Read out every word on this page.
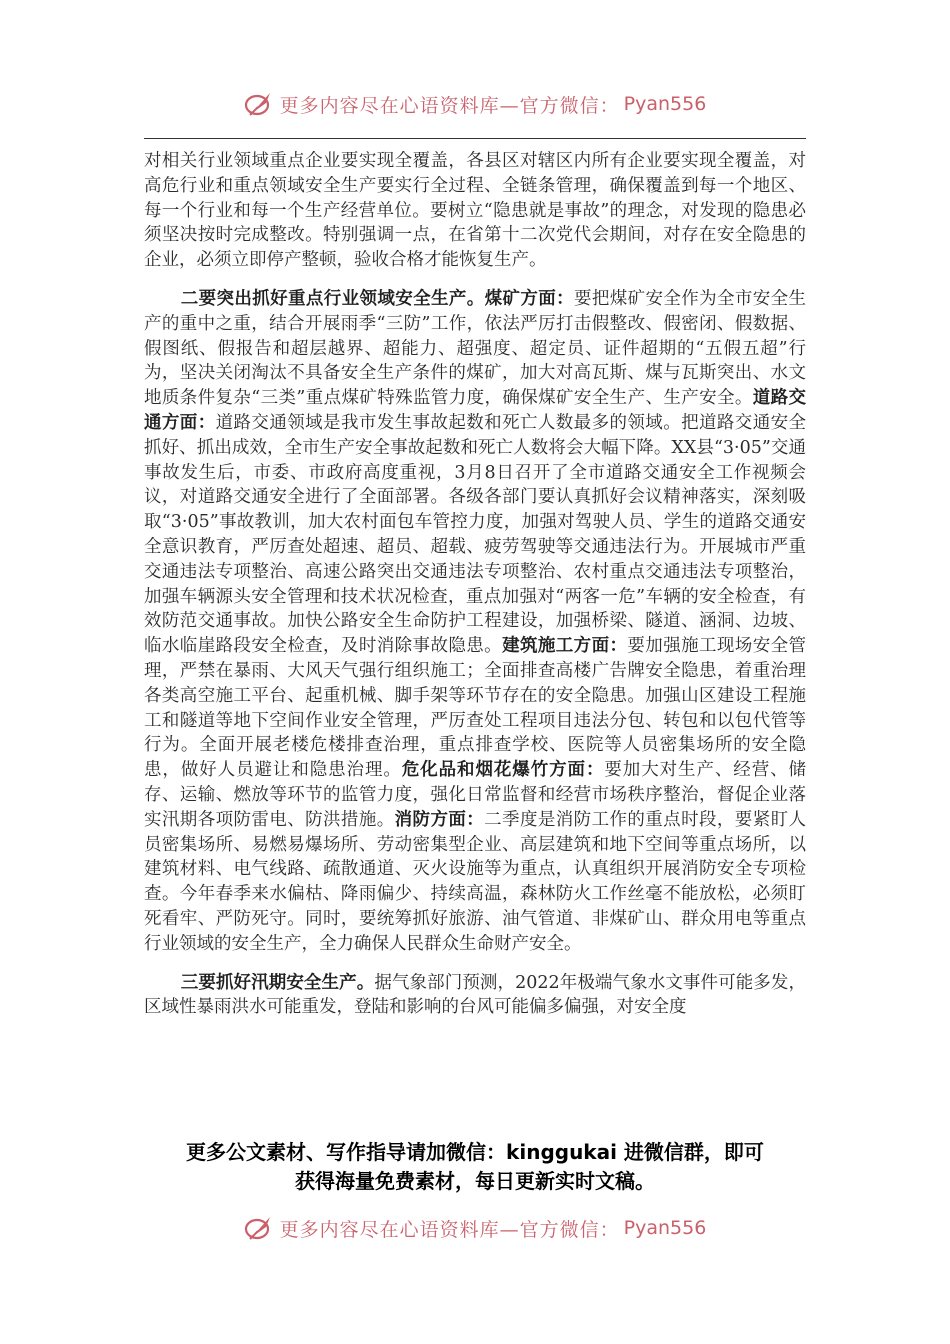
更多内容尽在心语资料库—官方微信： Pyan556

对相关行业领域重点企业要实现全覆盖，各县区对辖区内所有企业要实现全覆盖，对高危行业和重点领域安全生产要实行全过程、全链条管理，确保覆盖到每一个地区、每一个行业和每一个生产经营单位。要树立“隐患就是事故”的理念，对发现的隐患必须坚决按时完成整改。特别强调一点，在省第十二次党代会期间，对存在安全隐患的企业，必须立即停产整顿，验收合格才能恢复生产。

二要突出抓好重点行业领域安全生产。煤矿方面：要把煤矿安全作为全市安全生产的重中之重，结合开展雨季“三防”工作，依法严厉打击假整改、假密闭、假数据、假图纸、假报告和超层越界、超能力、超强度、超定员、证件超期的“五假五超”行为，坚决关闭淘汰不具备安全生产条件的煤矿，加大对高瓦斯、煤与瓦斯突出、水文地质条件复杂“三类”重点煤矿特殊监管力度，确保煤矿安全生产、生产安全。道路交通方面：道路交通领域是我市发生事故起数和死亡人数最多的领域。把道路交通安全抓好、抓出成效，全市生产安全事故起数和死亡人数将会大幅下降。XX县“3·05”交通事故发生后，市委、市政府高度重视，3月8日召开了全市道路交通安全工作视频会议，对道路交通安全进行了全面部署。各级各部门要认真抓好会议精神落实，深刻吸取“3·05”事故教训，加大农村面包车管控力度，加强对驾驶人员、学生的道路交通安全意识教育，严厉查处超速、超员、超载、疲劳驾驶等交通违法行为。开展城市严重交通违法专项整治、高速公路突出交通违法专项整治、农村重点交通违法专项整治，加强车辆源头安全管理和技术状况检查，重点加强对“两客一危”车辆的安全检查，有效防范交通事故。加快公路安全生命防护工程建设，加强桥梁、隧道、涵洞、边坡、临水临崖路段安全检查，及时消除事故隐患。建筑施工方面：要加强施工现场安全管理，严禁在暴雨、大风天气强行组织施工；全面排查高楼广告牌安全隐患，着重治理各类高空施工平台、起重机械、脚手架等环节存在的安全隐患。加强山区建设工程施工和隧道等地下空间作业安全管理，严厉查处工程项目违法分包、转包和以包代管等行为。全面开展老楼危楼排查治理，重点排查学校、医院等人员密集场所的安全隐患，做好人员避让和隐患治理。危化品和烟花爆竹方面：要加大对生产、经营、储存、运输、燃放等环节的监管力度，强化日常监督和经营市场秩序整治，督促企业落实汛期各项防雷电、防洪措施。消防方面：二季度是消防工作的重点时段，要紧盯人员密集场所、易燃易爆场所、劳动密集型企业、高层建筑和地下空间等重点场所，以建筑材料、电气线路、疏散通道、灭火设施等为重点，认真组织开展消防安全专项检查。今年春季来水偏枯、降雨偏少、持续高温，森林防火工作丝毫不能放松，必须盯死看牢、严防死守。同时，要统筹抓好旅游、油气管道、非煤矿山、群众用电等重点行业领域的安全生产，全力确保人民群众生命财产安全。

三要抓好汛期安全生产。据气象部门预测，2022年极端气象水文事件可能多发，区域性暴雨洪水可能重发，登陆和影响的台风可能偏多偏强，对安全度

更多公文素材、写作指导请加微信：kinggukai 进微信群，即可
获得海量免费素材，每日更新实时文稿。
更多内容尽在心语资料库—官方微信： Pyan556
